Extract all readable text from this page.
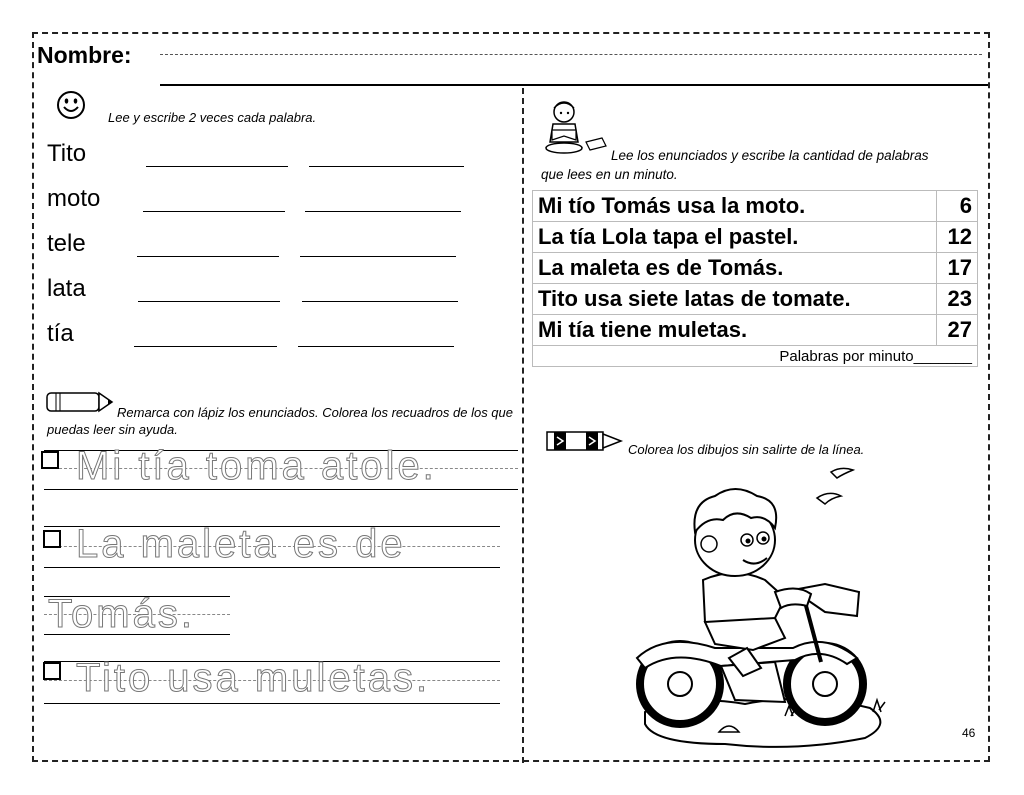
Nombre:
Lee y escribe 2 veces cada palabra.
Tito
moto
tele
lata
tía
Remarca con lápiz los enunciados. Colorea los recuadros de los que puedas leer sin ayuda.
Mi tía toma atole.
La maleta es de
Tomás.
Tito usa muletas.
Lee los enunciados y escribe la cantidad de palabras que lees en un minuto.
Mi tío Tomás usa la moto.	6
La tía Lola tapa el pastel.	12
La maleta es de Tomás.	17
Tito usa siete latas de tomate.	23
Mi tía tiene muletas.	27
Palabras por minuto_______	
Colorea los dibujos sin salirte de la línea.
46
